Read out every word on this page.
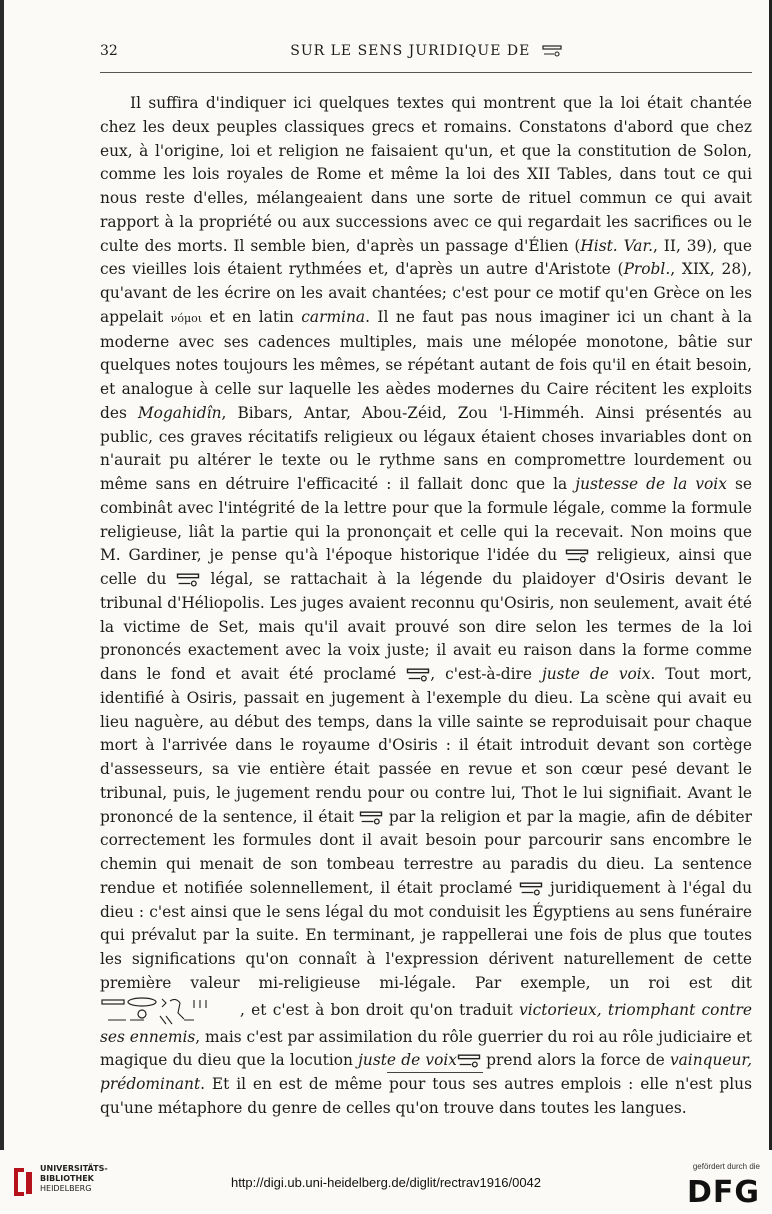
32	SUR LE SENS JURIDIQUE DE

Il suffira d'indiquer ici quelques textes qui montrent que la loi était chantée chez les deux peuples classiques grecs et romains. Constatons d'abord que chez eux, à l'origine, loi et religion ne faisaient qu'un, et que la constitution de Solon, comme les lois royales de Rome et même la loi des XII Tables, dans tout ce qui nous reste d'elles, mélangeaient dans une sorte de rituel commun ce qui avait rapport à la propriété ou aux successions avec ce qui regardait les sacrifices ou le culte des morts. Il semble bien, d'après un passage d'Élien (Hist. Var., II, 39), que ces vieilles lois étaient rythmées et, d'après un autre d'Aristote (Probl., XIX, 28), qu'avant de les écrire on les avait chantées; c'est pour ce motif qu'en Grèce on les appelait νόμοι et en latin carmina. Il ne faut pas nous imaginer ici un chant à la moderne avec ses cadences multiples, mais une mélopée monotone, bâtie sur quelques notes toujours les mêmes, se répétant autant de fois qu'il en était besoin, et analogue à celle sur laquelle les aèdes modernes du Caire récitent les exploits des Mogahidîn, Bibars, Antar, Abou-Zéid, Zou 'l-Himméh. Ainsi présentés au public, ces graves récitatifs religieux ou légaux étaient choses invariables dont on n'aurait pu altérer le texte ou le rythme sans en compromettre lourdement ou même sans en détruire l'efficacité : il fallait donc que la justesse de la voix se combinât avec l'intégrité de la lettre pour que la formule légale, comme la formule religieuse, liât la partie qui la prononçait et celle qui la recevait. Non moins que M. Gardiner, je pense qu'à l'époque historique l'idée du  religieux, ainsi que celle du  légal, se rattachait à la légende du plaidoyer d'Osiris devant le tribunal d'Héliopolis. Les juges avaient reconnu qu'Osiris, non seulement, avait été la victime de Set, mais qu'il avait prouvé son dire selon les termes de la loi prononcés exactement avec la voix juste; il avait eu raison dans la forme comme dans le fond et avait été proclamé , c'est-à-dire juste de voix. Tout mort, identifié à Osiris, passait en jugement à l'exemple du dieu. La scène qui avait eu lieu naguère, au début des temps, dans la ville sainte se reproduisait pour chaque mort à l'arrivée dans le royaume d'Osiris : il était introduit devant son cortège d'assesseurs, sa vie entière était passée en revue et son cœur pesé devant le tribunal, puis, le jugement rendu pour ou contre lui, Thot le lui signifiait. Avant le prononcé de la sentence, il était  par la religion et par la magie, afin de débiter correctement les formules dont il avait besoin pour parcourir sans encombre le chemin qui menait de son tombeau terrestre au paradis du dieu. La sentence rendue et notifiée solennellement, il était proclamé  juridiquement à l'égal du dieu : c'est ainsi que le sens légal du mot conduisit les Égyptiens au sens funéraire qui prévalut par la suite. En terminant, je rappellerai une fois de plus que toutes les significations qu'on connaît à l'expression dérivent naturellement de cette première valeur mi-religieuse mi-légale. Par exemple, un roi est dit , et c'est à bon droit qu'on traduit victorieux, triomphant contre ses ennemis, mais c'est par assimilation du rôle guerrier du roi au rôle judiciaire et magique du dieu que la locution juste de voix prend alors la force de vainqueur, prédominant. Et il en est de même pour tous ses autres emplois : elle n'est plus qu'une métaphore du genre de celles qu'on trouve dans toutes les langues.

UNIVERSITÄTS-
BIBLIOTHEK
HEIDELBERG	http://digi.ub.uni-heidelberg.de/diglit/rectrav1916/0042
gefördert durch die
DFG
